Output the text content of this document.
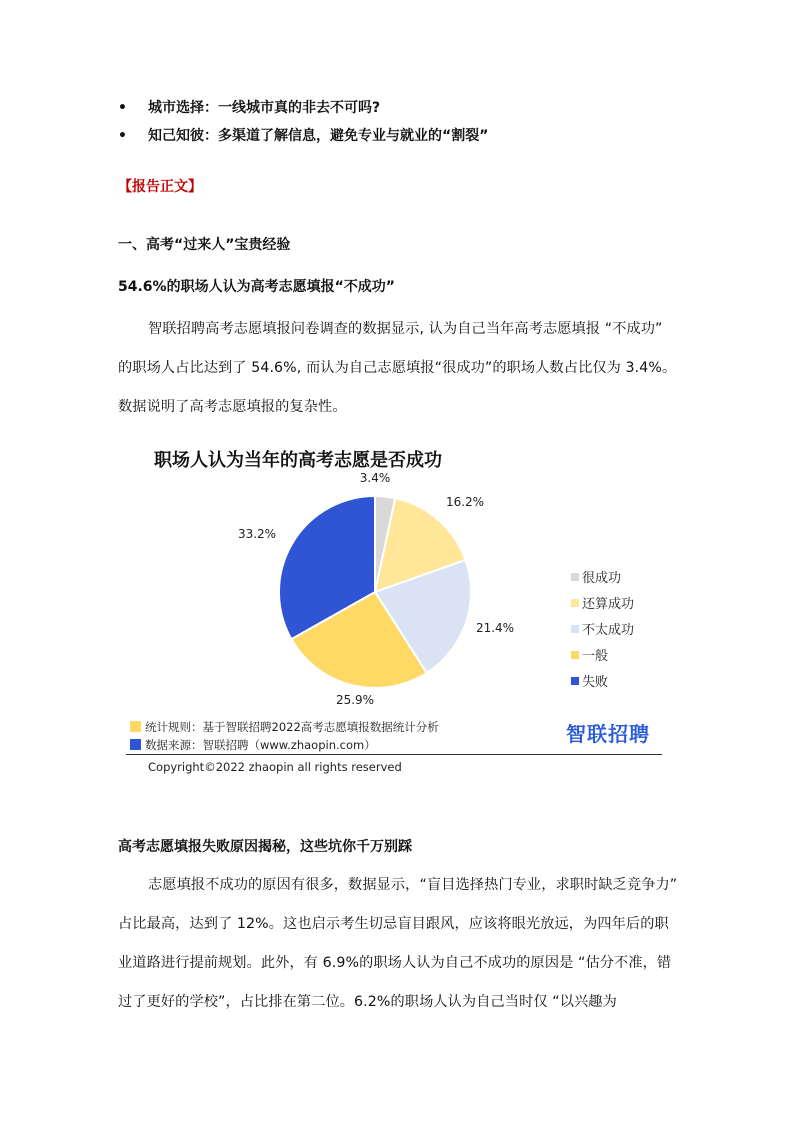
•	城市选择：一线城市真的非去不可吗?
•	知己知彼：多渠道了解信息，避免专业与就业的“割裂”
【报告正文】
一、高考“过来人”宝贵经验
54.6%的职场人认为高考志愿填报“不成功”

智联招聘高考志愿填报问卷调查的数据显示, 认为自己当年高考志愿填报 “不成功” 的职场人占比达到了 54.6%, 而认为自己志愿填报“很成功”的职场人数占比仅为 3.4%。数据说明了高考志愿填报的复杂性。

职场人认为当年的高考志愿是否成功
3.4%
很成功
16.2%
还算成功
21.4%	不太成功
25.9%
一般
33.2%
失败
统计规则：基于智联招聘2022高考志愿填报数据统计分析
数据来源：智联招聘（www.zhaopin.com）	智联招聘
Copyright©2022 zhaopin all rights reserved
高考志愿填报失败原因揭秘，这些坑你千万别踩

志愿填报不成功的原因有很多，数据显示，“盲目选择热门专业，求职时缺乏竞争力” 占比最高，达到了 12%。这也启示考生切忌盲目跟风，应该将眼光放远，为四年后的职业道路进行提前规划。此外，有 6.9%的职场人认为自己不成功的原因是 “估分不准，错过了更好的学校”，占比排在第二位。6.2%的职场人认为自己当时仅 “以兴趣为
